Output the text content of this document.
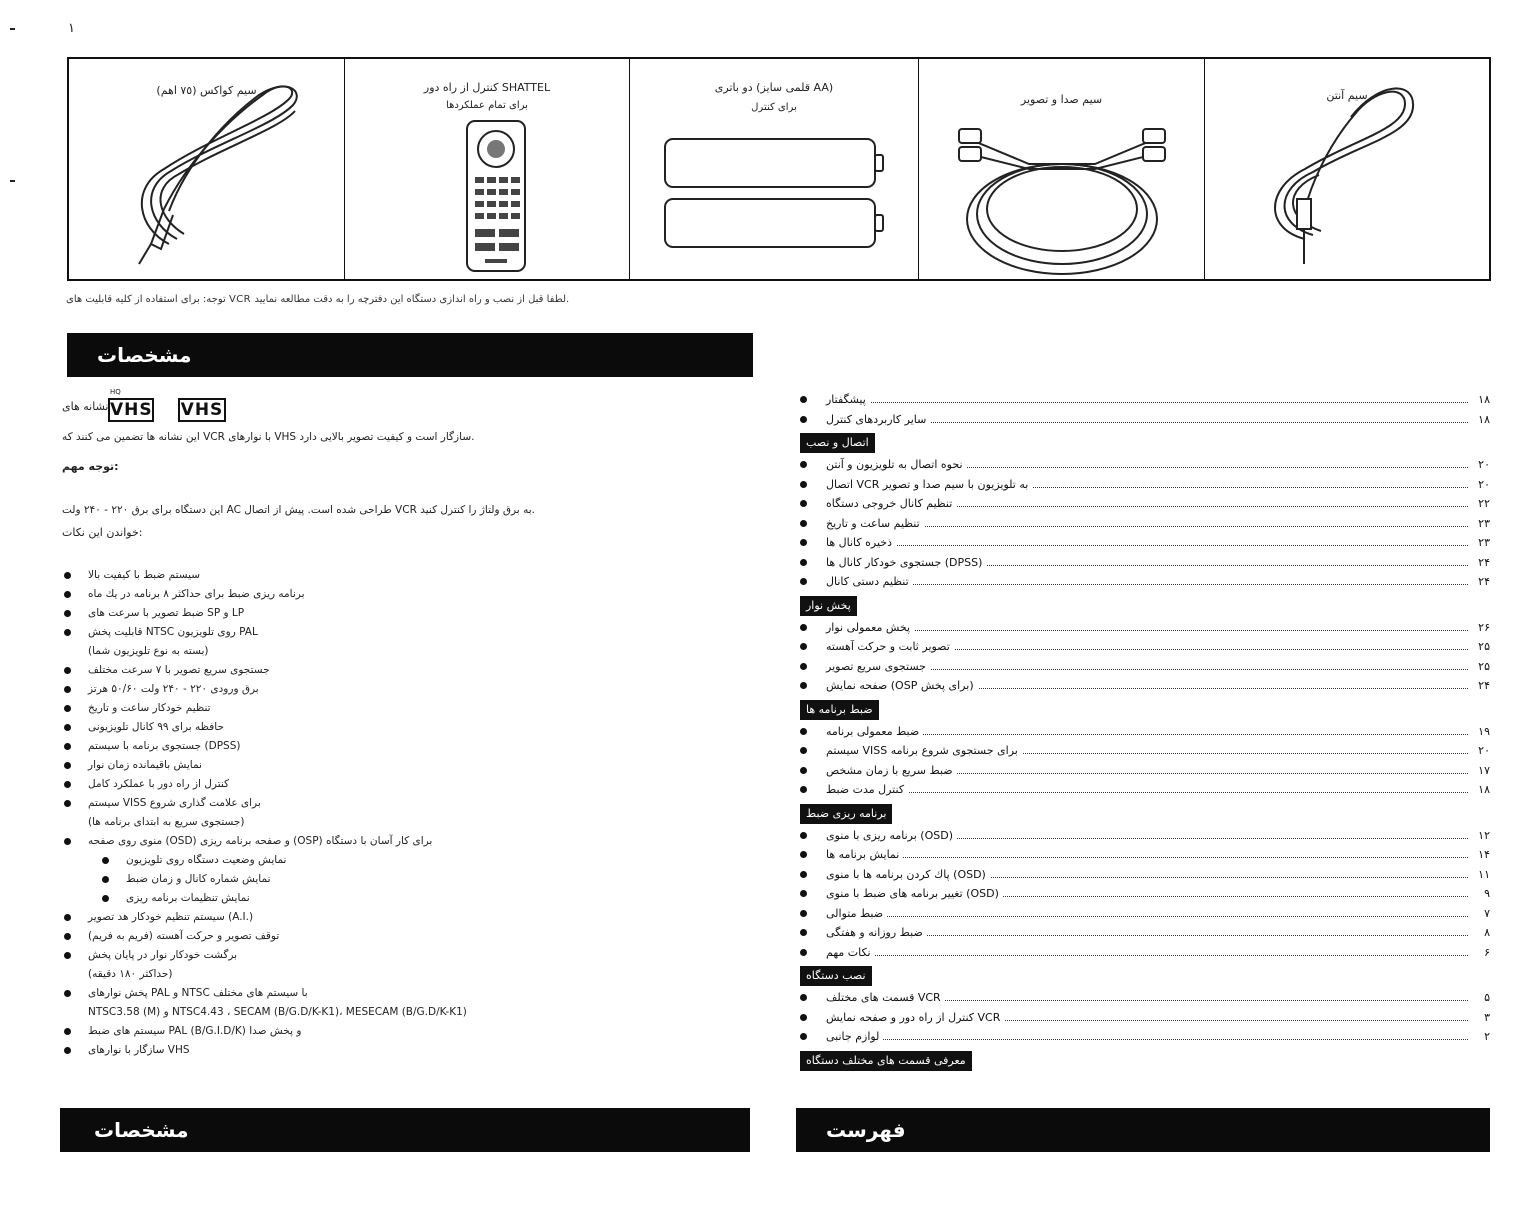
١
ﺳﯿﻢ ﻛﻮاﻛﺲ (٧٥ اﻫﻢ)	ﻛﻨﺘﺮل از راه دور SHATTEL
ﺑﺮای ﺗﻤﺎم ﻋﻤﻠﻜﺮدﻫﺎ
دو ﺑﺎﺗﺮی (ﻗﻠﻤﯽ ﺳﺎﻳﺰ AA)
ﺑﺮای ﻛﻨﺘﺮل
ﺳﯿﻢ ﺻﺪا و ﺗﺼﻮﻳﺮ	ﺳﯿﻢ آﻧﺘﻦ
ﺗﻮﺟﻪ: ﺑﺮای اﺳﺘﻔﺎده از ﻛﻠﯿﻪ ﻗﺎﺑﻠﯿﺖ ﻫﺎی VCR ﻟﻄﻔﺎ ﻗﺒﻞ از ﻧﺼﺐ و راه اﻧﺪازی دﺳﺘﮕﺎه اﻳﻦ دﻓﺘﺮﭼﻪ را ﺑﻪ دﻗﺖ ﻣﻄﺎﻟﻌﻪ ﻧﻤﺎﻳﯿﺪ.
ﻣﺸﺨﺼﺎت
ﻧﺸﺎﻧﻪ ﻫﺎی VHS
HQ
VHS
اﻳﻦ ﻧﺸﺎﻧﻪ ﻫﺎ ﺗﻀﻤﯿﻦ ﻣﯽ ﻛﻨﻨﺪ ﻛﻪ VCR ﺑﺎ ﻧﻮارﻫﺎی VHS ﺳﺎزﮔﺎر اﺳﺖ و ﻛﯿﻔﯿﺖ ﺗﺼﻮﻳﺮ ﺑﺎﻻﻳﯽ دارد.
ﺗﻮﺟﻪ ﻣﻬﻢ:
اﻳﻦ دﺳﺘﮕﺎه ﺑﺮای ﺑﺮق ۲۲۰ - ۲۴۰ وﻟﺖ AC ﻃﺮاﺣﯽ ﺷﺪه اﺳﺖ. ﭘﯿﺶ از اﺗﺼﺎل VCR ﺑﻪ ﺑﺮق وﻟﺘﺎژ را ﻛﻨﺘﺮل ﻛﻨﯿﺪ.
ﺧﻮاﻧﺪن اﻳﻦ ﻧﻜﺎت:
ﺳﯿﺴﺘﻢ ﺿﺒﻂ ﺑﺎ ﻛﯿﻔﯿﺖ ﺑﺎﻻ
ﺑﺮﻧﺎﻣﻪ رﻳﺰی ﺿﺒﻂ ﺑﺮای ﺣﺪاﻛﺜﺮ ۸ ﺑﺮﻧﺎﻣﻪ در ﻳﻚ ﻣﺎه
ﺿﺒﻂ ﺗﺼﻮﻳﺮ ﺑﺎ ﺳﺮﻋﺖ ﻫﺎی SP و LP
ﻗﺎﺑﻠﯿﺖ ﭘﺨﺶ NTSC روی ﺗﻠﻮﻳﺰﻳﻮن PAL
(ﺑﺴﺘﻪ ﺑﻪ ﻧﻮع ﺗﻠﻮﻳﺰﻳﻮن ﺷﻤﺎ)
ﺟﺴﺘﺠﻮی ﺳﺮﻳﻊ ﺗﺼﻮﻳﺮ ﺑﺎ ۷ ﺳﺮﻋﺖ ﻣﺨﺘﻠﻒ
ﺑﺮق ورودی ۲۲۰ - ۲۴۰ وﻟﺖ ۵۰/۶۰ ﻫﺮﺗﺰ
ﺗﻨﻈﯿﻢ ﺧﻮدﻛﺎر ﺳﺎﻋﺖ و ﺗﺎرﻳﺦ
ﺣﺎﻓﻈﻪ ﺑﺮای ۹۹ ﻛﺎﻧﺎل ﺗﻠﻮﻳﺰﻳﻮﻧﯽ
ﺟﺴﺘﺠﻮی ﺑﺮﻧﺎﻣﻪ ﺑﺎ ﺳﯿﺴﺘﻢ (DPSS)
ﻧﻤﺎﻳﺶ ﺑﺎﻗﯿﻤﺎﻧﺪه زﻣﺎن ﻧﻮار
ﻛﻨﺘﺮل از راه دور ﺑﺎ ﻋﻤﻠﻜﺮد ﻛﺎﻣﻞ
ﺳﯿﺴﺘﻢ VISS ﺑﺮای ﻋﻼﻣﺖ ﮔﺬاری ﺷﺮوع
(ﺟﺴﺘﺠﻮی ﺳﺮﻳﻊ ﺑﻪ اﺑﺘﺪای ﺑﺮﻧﺎﻣﻪ ﻫﺎ)
ﻣﻨﻮی روی ﺻﻔﺤﻪ (OSD) و ﺻﻔﺤﻪ ﺑﺮﻧﺎﻣﻪ رﻳﺰی (OSP) ﺑﺮای ﻛﺎر آﺳﺎن ﺑﺎ دﺳﺘﮕﺎه
ﻧﻤﺎﻳﺶ وﺿﻌﯿﺖ دﺳﺘﮕﺎه روی ﺗﻠﻮﻳﺰﻳﻮن
ﻧﻤﺎﻳﺶ ﺷﻤﺎره ﻛﺎﻧﺎل و زﻣﺎن ﺿﺒﻂ
ﻧﻤﺎﻳﺶ ﺗﻨﻈﯿﻤﺎت ﺑﺮﻧﺎﻣﻪ رﻳﺰی
ﺳﯿﺴﺘﻢ ﺗﻨﻈﯿﻢ ﺧﻮدﻛﺎر ﻫﺪ ﺗﺼﻮﻳﺮ (A.I.)
ﺗﻮﻗﻒ ﺗﺼﻮﻳﺮ و ﺣﺮﻛﺖ آﻫﺴﺘﻪ (ﻓﺮﻳﻢ ﺑﻪ ﻓﺮﻳﻢ)
ﺑﺮﮔﺸﺖ ﺧﻮدﻛﺎر ﻧﻮار در ﭘﺎﻳﺎن ﭘﺨﺶ
(ﺣﺪاﻛﺜﺮ ۱۸۰ دﻗﯿﻘﻪ)
ﭘﺨﺶ ﻧﻮارﻫﺎی PAL و NTSC ﺑﺎ ﺳﯿﺴﺘﻢ ﻫﺎی ﻣﺨﺘﻠﻒ
NTSC3.58 (M) و NTSC4.43 ، SECAM (B/G.D/K-K1)، MESECAM (B/G.D/K-K1)
ﺳﯿﺴﺘﻢ ﻫﺎی ﺿﺒﻂ PAL (B/G.I.D/K) و ﭘﺨﺶ ﺻﺪا
ﺳﺎزﮔﺎر ﺑﺎ ﻧﻮارﻫﺎی VHS
ﻣﺸﺨﺼﺎت
ﭘﯿﺸﮕﻔﺘﺎر	۱۸
ﺳﺎﻳﺮ ﻛﺎرﺑﺮدﻫﺎی ﻛﻨﺘﺮل	۱۸
اﺗﺼﺎل و ﻧﺼﺐ
ﻧﺤﻮه اﺗﺼﺎل ﺑﻪ ﺗﻠﻮﻳﺰﻳﻮن و آﻧﺘﻦ	۲۰
اﺗﺼﺎل VCR ﺑﻪ ﺗﻠﻮﻳﺰﻳﻮن ﺑﺎ ﺳﯿﻢ ﺻﺪا و ﺗﺼﻮﻳﺮ	۲۰
ﺗﻨﻈﯿﻢ ﻛﺎﻧﺎل ﺧﺮوﺟﯽ دﺳﺘﮕﺎه	۲۲
ﺗﻨﻈﯿﻢ ﺳﺎﻋﺖ و ﺗﺎرﻳﺦ	۲۳
ذﺧﯿﺮه ﻛﺎﻧﺎل ﻫﺎ	۲۳
ﺟﺴﺘﺠﻮی ﺧﻮدﻛﺎر ﻛﺎﻧﺎل ﻫﺎ (DPSS)	۲۴
ﺗﻨﻈﯿﻢ دﺳﺘﯽ ﻛﺎﻧﺎل	۲۴
ﭘﺨﺶ ﻧﻮار
ﭘﺨﺶ ﻣﻌﻤﻮﻟﯽ ﻧﻮار	۲۶
ﺗﺼﻮﻳﺮ ﺛﺎﺑﺖ و ﺣﺮﻛﺖ آﻫﺴﺘﻪ	۲۵
ﺟﺴﺘﺠﻮی ﺳﺮﻳﻊ ﺗﺼﻮﻳﺮ	۲۵
ﺻﻔﺤﻪ ﻧﻤﺎﻳﺶ (OSP ﺑﺮای ﭘﺨﺶ)	۲۴
ﺿﺒﻂ ﺑﺮﻧﺎﻣﻪ ﻫﺎ
ﺿﺒﻂ ﻣﻌﻤﻮﻟﯽ ﺑﺮﻧﺎﻣﻪ	۱۹
ﺳﯿﺴﺘﻢ VISS ﺑﺮای ﺟﺴﺘﺠﻮی ﺷﺮوع ﺑﺮﻧﺎﻣﻪ	۲۰
ﺿﺒﻂ ﺳﺮﻳﻊ ﺑﺎ زﻣﺎن ﻣﺸﺨﺺ	۱۷
ﻛﻨﺘﺮل ﻣﺪت ﺿﺒﻂ	۱۸
ﺑﺮﻧﺎﻣﻪ رﻳﺰی ﺿﺒﻂ
ﺑﺮﻧﺎﻣﻪ رﻳﺰی ﺑﺎ ﻣﻨﻮی (OSD)	۱۲
ﻧﻤﺎﻳﺶ ﺑﺮﻧﺎﻣﻪ ﻫﺎ	۱۴
ﭘﺎك ﻛﺮدن ﺑﺮﻧﺎﻣﻪ ﻫﺎ ﺑﺎ ﻣﻨﻮی (OSD)	۱۱
ﺗﻐﯿﯿﺮ ﺑﺮﻧﺎﻣﻪ ﻫﺎی ﺿﺒﻂ ﺑﺎ ﻣﻨﻮی (OSD)	۹
ﺿﺒﻂ ﻣﺘﻮاﻟﯽ	۷
ﺿﺒﻂ روزاﻧﻪ و ﻫﻔﺘﮕﯽ	۸
ﻧﻜﺎت ﻣﻬﻢ	۶
ﻧﺼﺐ دﺳﺘﮕﺎه
ﻗﺴﻤﺖ ﻫﺎی ﻣﺨﺘﻠﻒ VCR	۵
ﻛﻨﺘﺮل از راه دور و ﺻﻔﺤﻪ ﻧﻤﺎﻳﺶ VCR	۳
ﻟﻮازم ﺟﺎﻧﺒﯽ	۲
ﻣﻌﺮﻓﯽ ﻗﺴﻤﺖ ﻫﺎی ﻣﺨﺘﻠﻒ دﺳﺘﮕﺎه
ﻓﻬﺮﺳﺖ
